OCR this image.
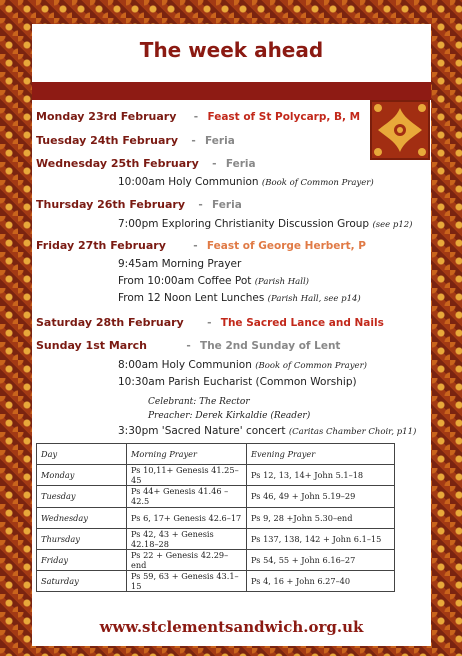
The week ahead
Monday 23rd February - Feast of St Polycarp, B, M
Tuesday 24th February - Feria
Wednesday 25th February - Feria
10:00am Holy Communion (Book of Common Prayer)
Thursday 26th February - Feria
7:00pm Exploring Christianity Discussion Group (see p12)
Friday 27th February	- Feast of George Herbert, P
9:45am Morning Prayer
From 10:00am Coffee Pot (Parish Hall)
From 12 Noon Lent Lunches (Parish Hall, see p14)
Saturday 28th February - The Sacred Lance and Nails
Sunday 1st March	- The 2nd Sunday of Lent
8:00am Holy Communion (Book of Common Prayer)
10:30am Parish Eucharist (Common Worship)
Celebrant: The Rector
Preacher: Derek Kirkaldie (Reader)
3:30pm 'Sacred Nature' concert (Caritas Chamber Choir, p11)
Day	Morning Prayer	Evening Prayer
Monday	Ps 10,11+ Genesis 41.25–45	Ps 12, 13, 14+ John 5.1–18
Tuesday	Ps 44+ Genesis 41.46 – 42.5	Ps 46, 49 + John 5.19–29
Wednesday	Ps 6, 17+ Genesis 42.6–17	Ps 9, 28 +John 5.30–end
Thursday	Ps 42, 43 + Genesis 42.18–28	Ps 137, 138, 142 + John 6.1–15
Friday	Ps 22 + Genesis 42.29–end	Ps 54, 55 + John 6.16–27
Saturday	Ps 59, 63 + Genesis 43.1–15	Ps 4, 16 + John 6.27–40
www.stclementsandwich.org.uk
